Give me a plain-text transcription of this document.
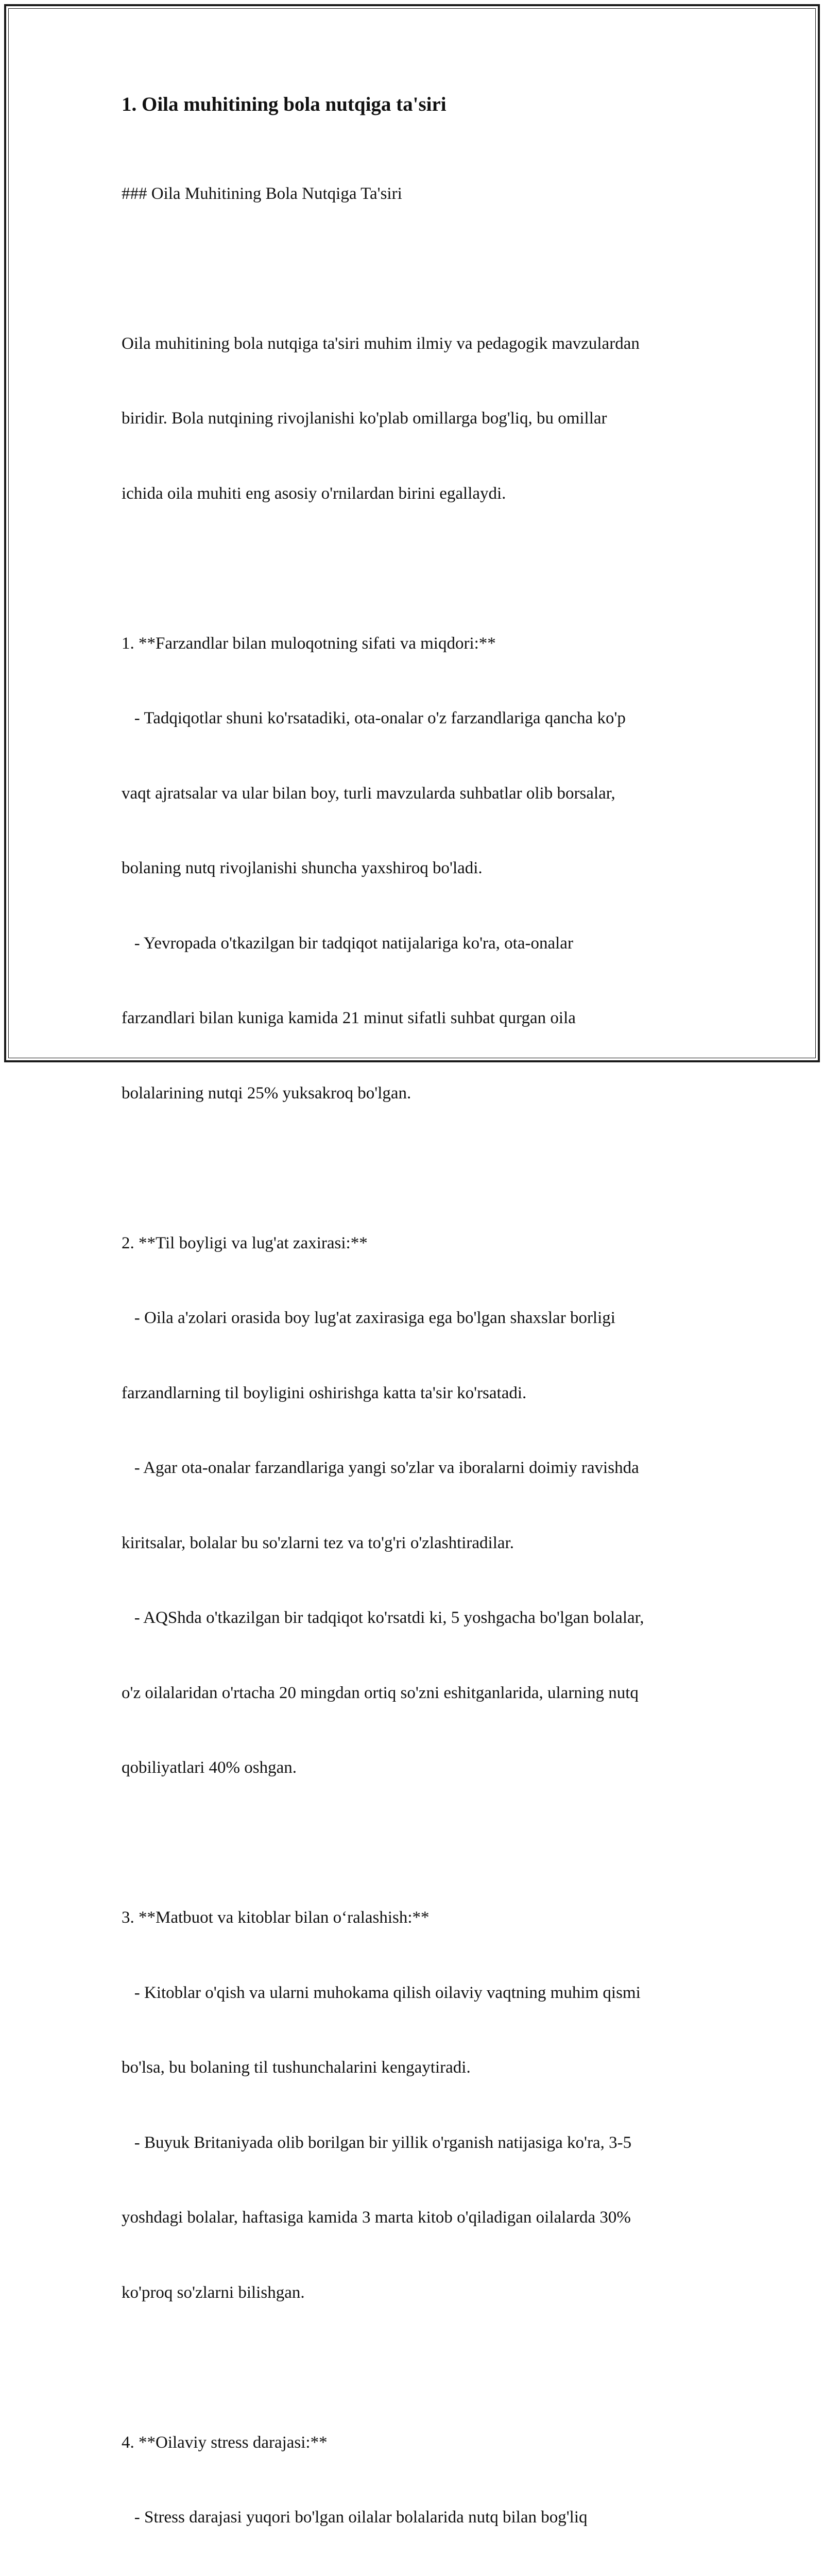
1. Oila muhitining bola nutqiga ta'siri

### Oila Muhitining Bola Nutqiga Ta'siri

Oila muhitining bola nutqiga ta'siri muhim ilmiy va pedagogik mavzulardan

biridir. Bola nutqining rivojlanishi ko'plab omillarga bog'liq, bu omillar

ichida oila muhiti eng asosiy o'rnilardan birini egallaydi.

1. **Farzandlar bilan muloqotning sifati va miqdori:**

- Tadqiqotlar shuni ko'rsatadiki, ota-onalar o'z farzandlariga qancha ko'p

vaqt ajratsalar va ular bilan boy, turli mavzularda suhbatlar olib borsalar,

bolaning nutq rivojlanishi shuncha yaxshiroq bo'ladi.

- Yevropada o'tkazilgan bir tadqiqot natijalariga ko'ra, ota-onalar

farzandlari bilan kuniga kamida 21 minut sifatli suhbat qurgan oila

bolalarining nutqi 25% yuksakroq bo'lgan.

2. **Til boyligi va lug'at zaxirasi:**

- Oila a'zolari orasida boy lug'at zaxirasiga ega bo'lgan shaxslar borligi

farzandlarning til boyligini oshirishga katta ta'sir ko'rsatadi.

- Agar ota-onalar farzandlariga yangi so'zlar va iboralarni doimiy ravishda

kiritsalar, bolalar bu so'zlarni tez va to'g'ri o'zlashtiradilar.

- AQShda o'tkazilgan bir tadqiqot ko'rsatdi ki, 5 yoshgacha bo'lgan bolalar,

o'z oilalaridan o'rtacha 20 mingdan ortiq so'zni eshitganlarida, ularning nutq

qobiliyatlari 40% oshgan.

3. **Matbuot va kitoblar bilan o‘ralashish:**

- Kitoblar o'qish va ularni muhokama qilish oilaviy vaqtning muhim qismi

bo'lsa, bu bolaning til tushunchalarini kengaytiradi.

- Buyuk Britaniyada olib borilgan bir yillik o'rganish natijasiga ko'ra, 3-5

yoshdagi bolalar, haftasiga kamida 3 marta kitob o'qiladigan oilalarda 30%

ko'proq so'zlarni bilishgan.

4. **Oilaviy stress darajasi:**

- Stress darajasi yuqori bo'lgan oilalar bolalarida nutq bilan bog'liq
